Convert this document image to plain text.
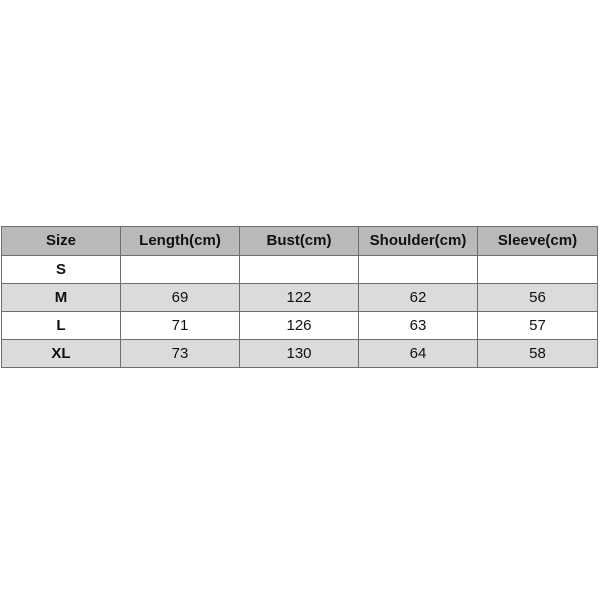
Size	Length(cm)	Bust(cm)	Shoulder(cm)	Sleeve(cm)
S				
M	69	122	62	56
L	71	126	63	57
XL	73	130	64	58
